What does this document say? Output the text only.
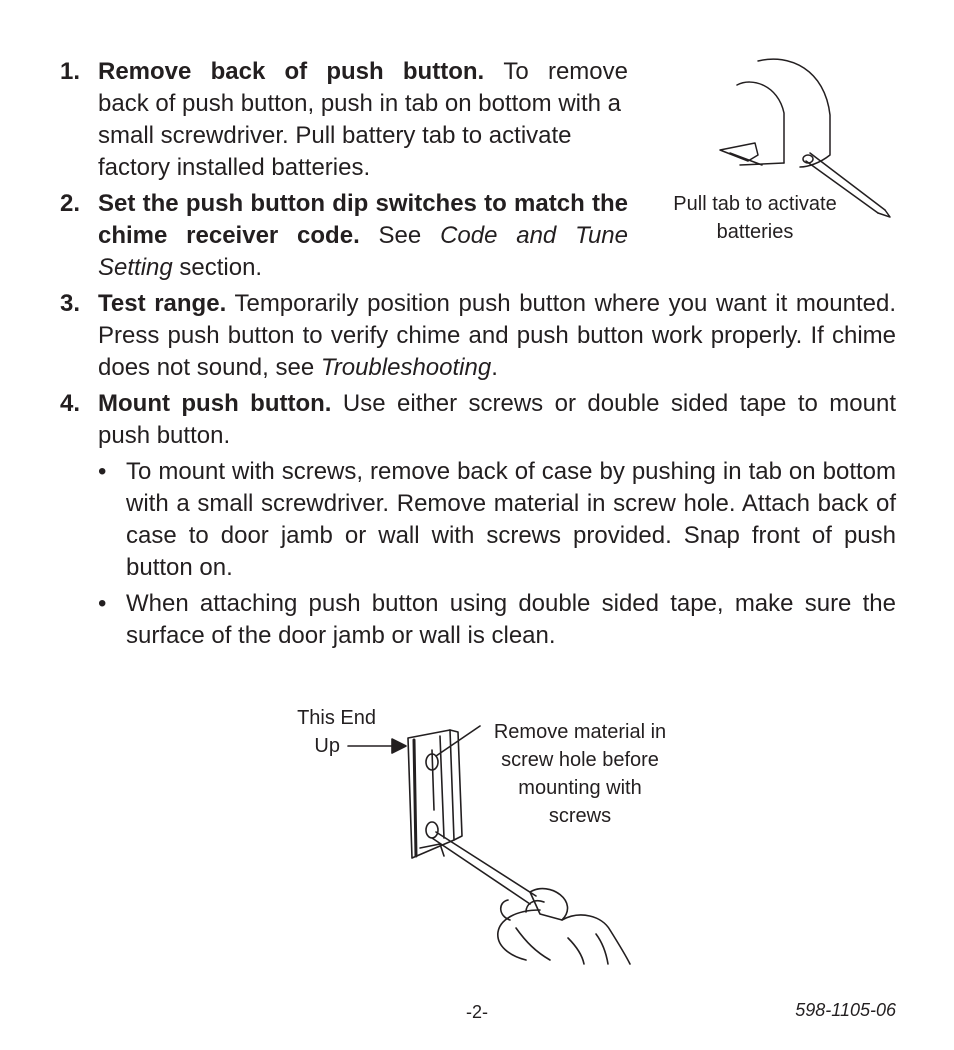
1. Remove back of push button. To remove
back of push button, push in tab on bottom with a small screwdriver. Pull battery tab to activate factory installed batteries.
2. Set the push button dip switches to match the chime receiver code. See Code and Tune Setting section.
3. Test range. Temporarily position push button where you want it mounted. Press push button to verify chime and push button work properly. If chime does not sound, see Troubleshooting.
4. Mount push button. Use either screws or double sided tape to mount push button.
• To mount with screws, remove back of case by pushing in tab on bottom with a small screwdriver. Remove material in screw hole. Attach back of case to door jamb or wall with screws provided. Snap front of push button on.
• When attaching push button using double sided tape, make sure the surface of the door jamb or wall is clean.
Pull tab to activate
batteries
This End
Up
Remove material in
screw hole before
mounting with
screws
-2-	598-1105-06
